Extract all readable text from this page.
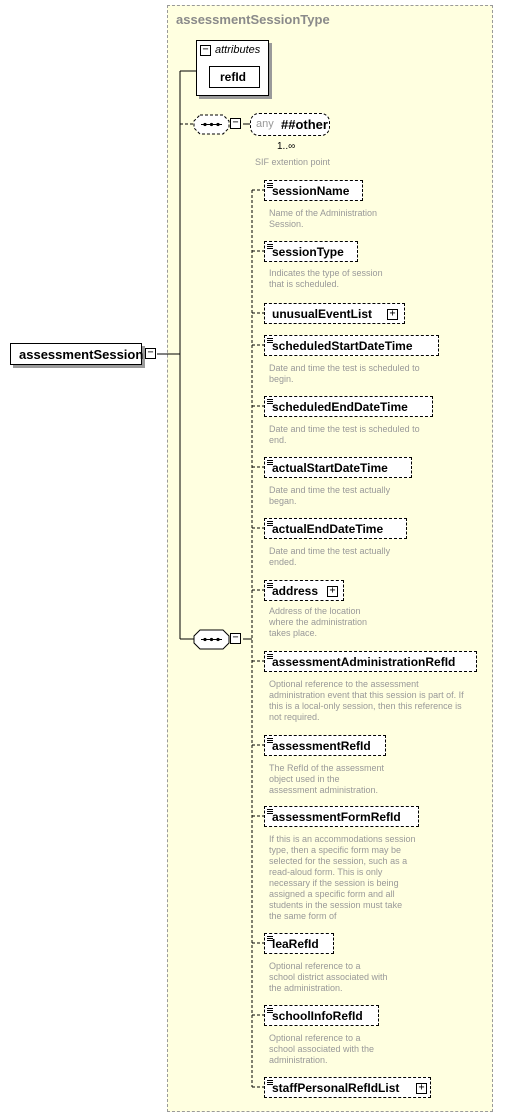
assessmentSessionType
assessmentSession −
attributes
−
refId
−
−
any ##other
1..∞
SIF extention point
sessionName
Name of the Administration
Session.
sessionType
Indicates the type of session
that is scheduled.
unusualEventList +
scheduledStartDateTime
Date and time the test is scheduled to
begin.
scheduledEndDateTime
Date and time the test is scheduled to
end.
actualStartDateTime
Date and time the test actually
began.
actualEndDateTime
Date and time the test actually
ended.
address +
Address of the location
where the administration
takes place.
assessmentAdministrationRefId
Optional reference to the assessment
administration event that this session is part of. If
this is a local-only session, then this reference is
not required.
assessmentRefId
The RefId of the assessment
object used in the
assessment administration.
assessmentFormRefId
If this is an accommodations session
type, then a specific form may be
selected for the session, such as a
read-aloud form. This is only
necessary if the session is being
assigned a specific form and all
students in the session must take
the same form of
leaRefId
Optional reference to a
school district associated with
the administration.
schoolInfoRefId
Optional reference to a
school associated with the
administration.
staffPersonalRefIdList +
